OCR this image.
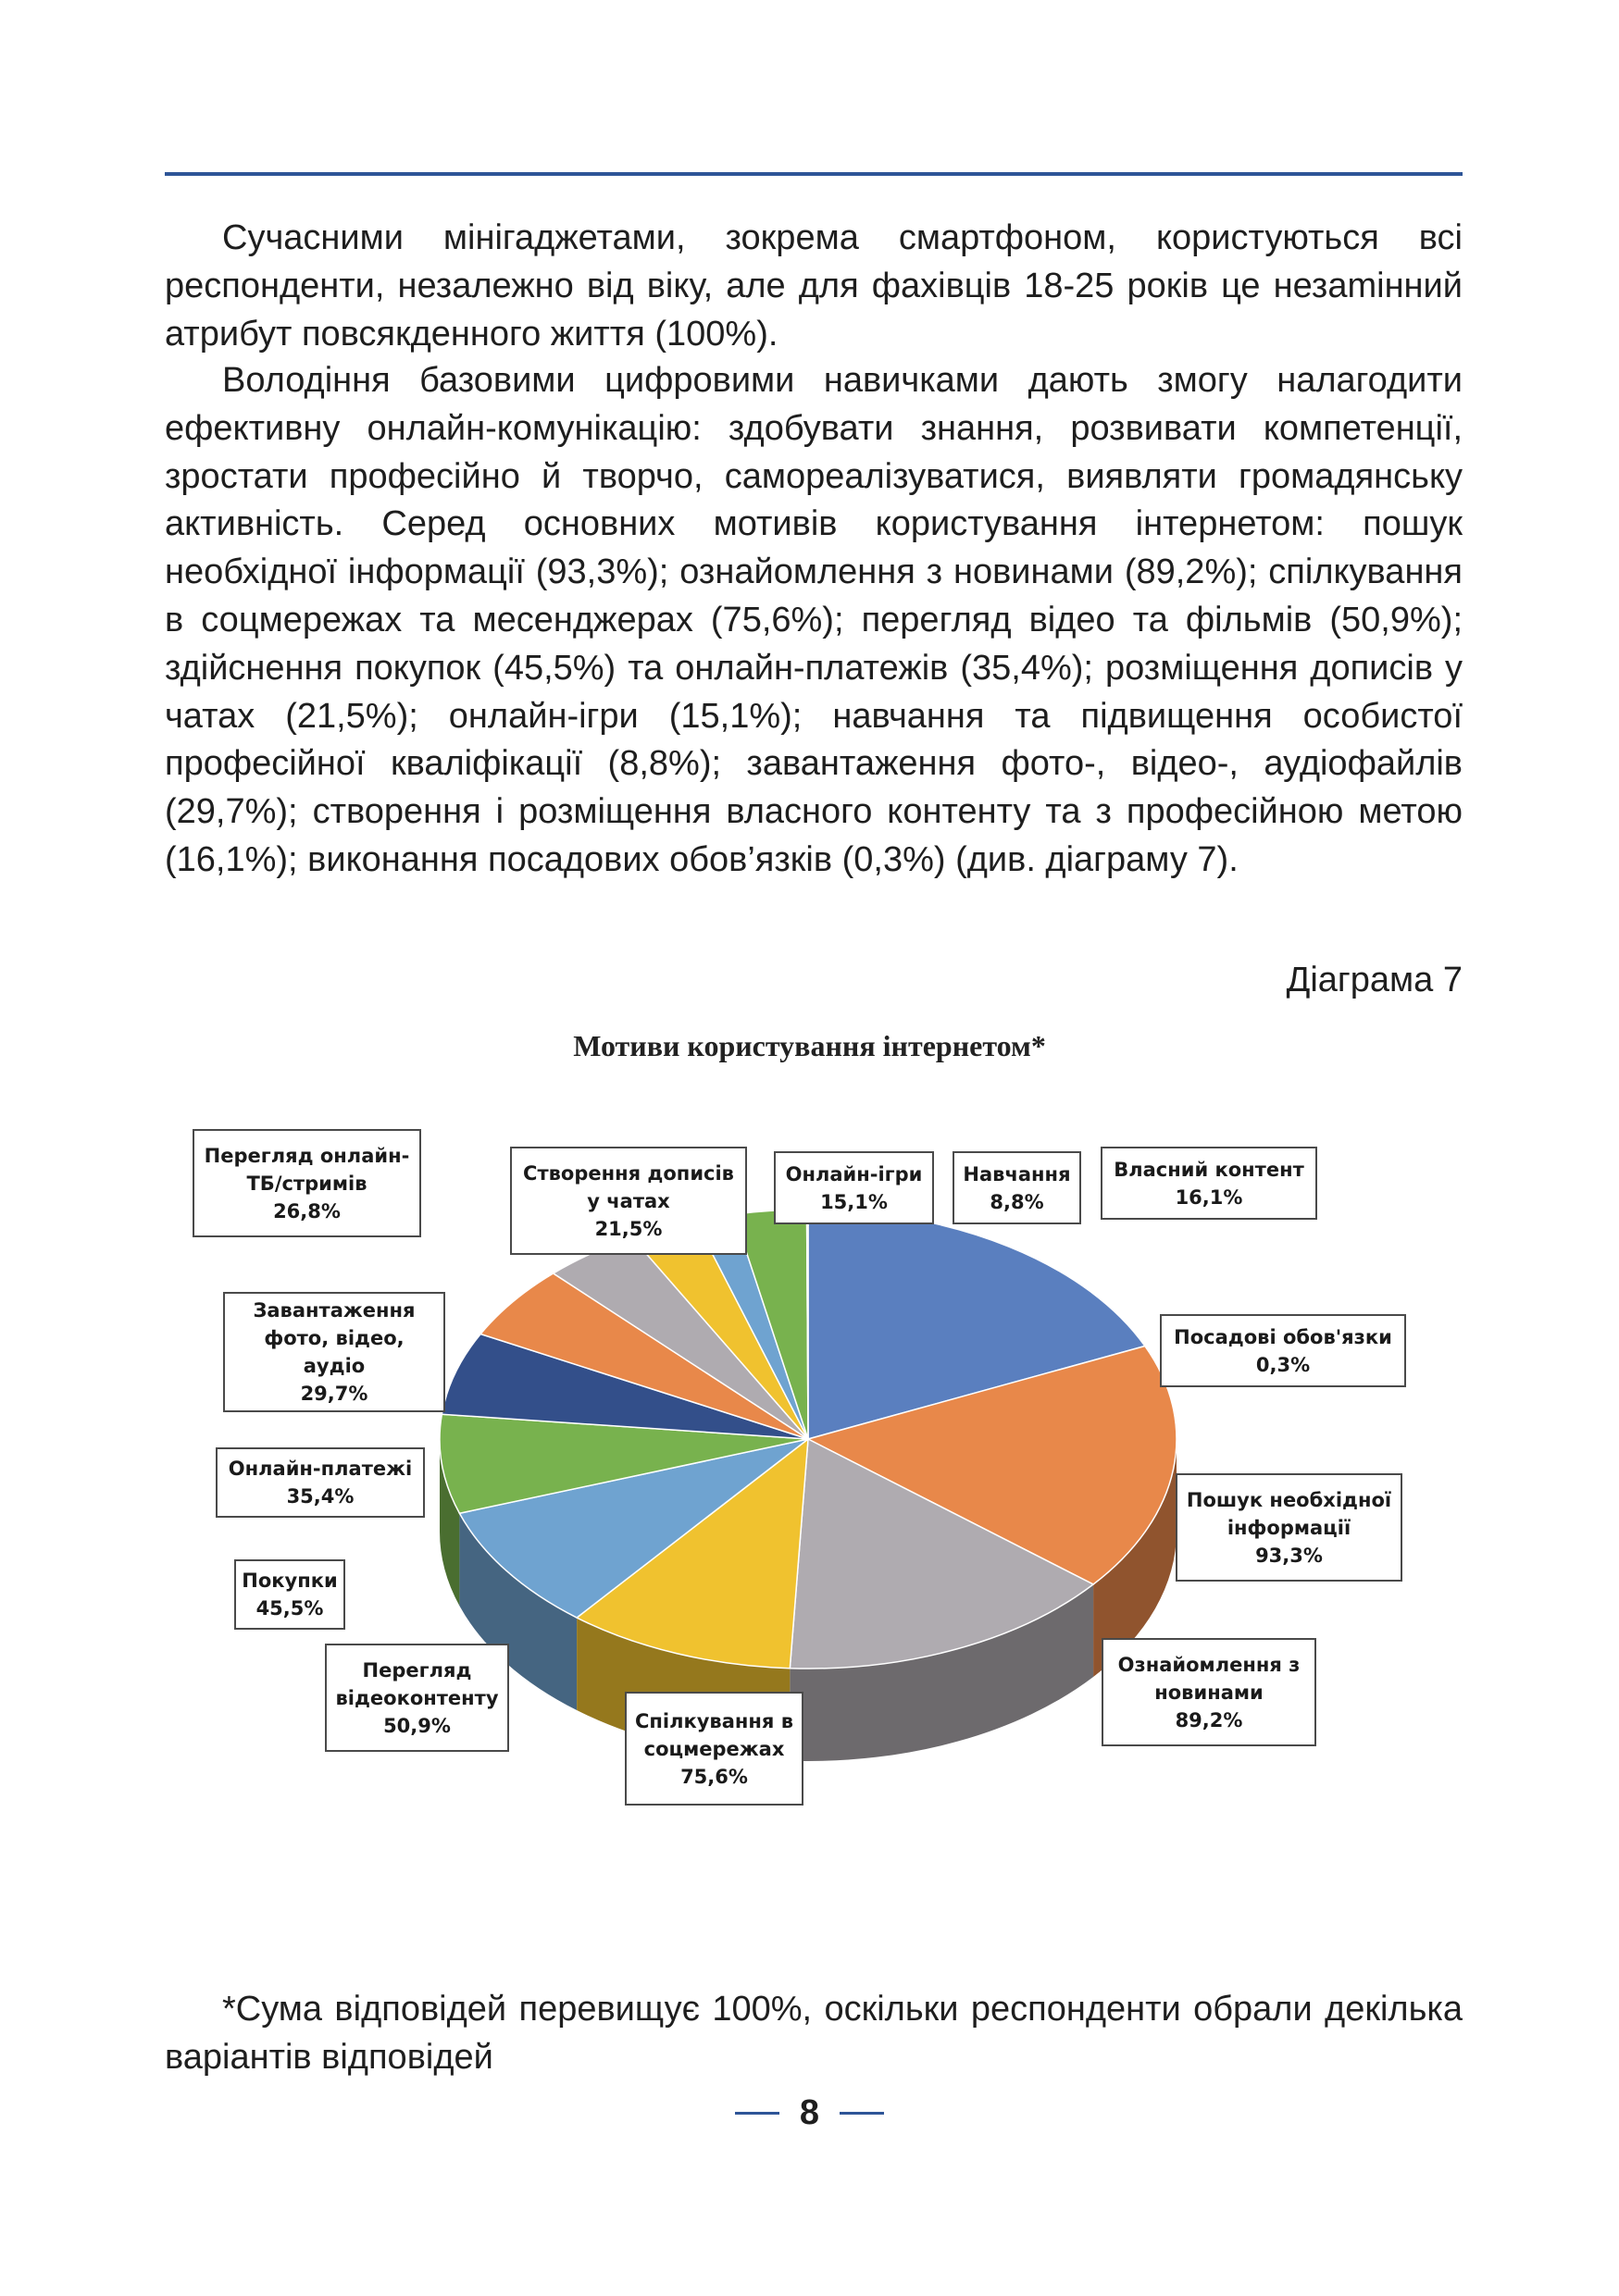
Сучасними мінігаджетами, зокрема смартфоном, користуються всі респонденти, незалежно від віку, але для фахівців 18-25 років це незаmінний атрибут повсякденного життя (100%).

Володіння базовими цифровими навичками дають змогу налагодити ефективну онлайн-комунікацію: здобувати знання, розвивати компетенції, зростати професійно й творчо, самореалізуватися, виявляти громадянську активність. Серед основних мотивів користування інтернетом: пошук необхідної інформації (93,3%); ознайомлення з новинами (89,2%); спілкування в соцмережах та месенджерах (75,6%); перегляд відео та фільмів (50,9%); здійснення покупок (45,5%) та онлайн-платежів (35,4%); розміщення дописів у чатах (21,5%); онлайн-ігри (15,1%); навчання та підвищення особистої професійної кваліфікації (8,8%); завантаження фото-, відео-, аудіофайлів (29,7%); створення і розміщення власного контенту та з професійною метою (16,1%); виконання посадових обов’язків (0,3%) (див. діаграму 7).

Діаграма 7

Мотиви користування інтернетом*
Пошук необхідної
інформації
93,3%
Ознайомлення з
новинами
89,2%
Спілкування в
соцмережах
75,6%
Перегляд
відеоконтенту
50,9%
Покупки
45,5%
Онлайн-платежі
35,4%
Завантаження
фото, відео, аудіо
29,7%
Перегляд онлайн-
ТБ/стримів
26,8%
Створення дописів
у чатах
21,5%
Онлайн-ігри
15,1%
Навчання
8,8%
Власний контент
16,1%
Посадові обов'язки
0,3%

*Сума відповідей перевищує 100%, оскільки респонденти обрали декілька варіантів відповідей

8
